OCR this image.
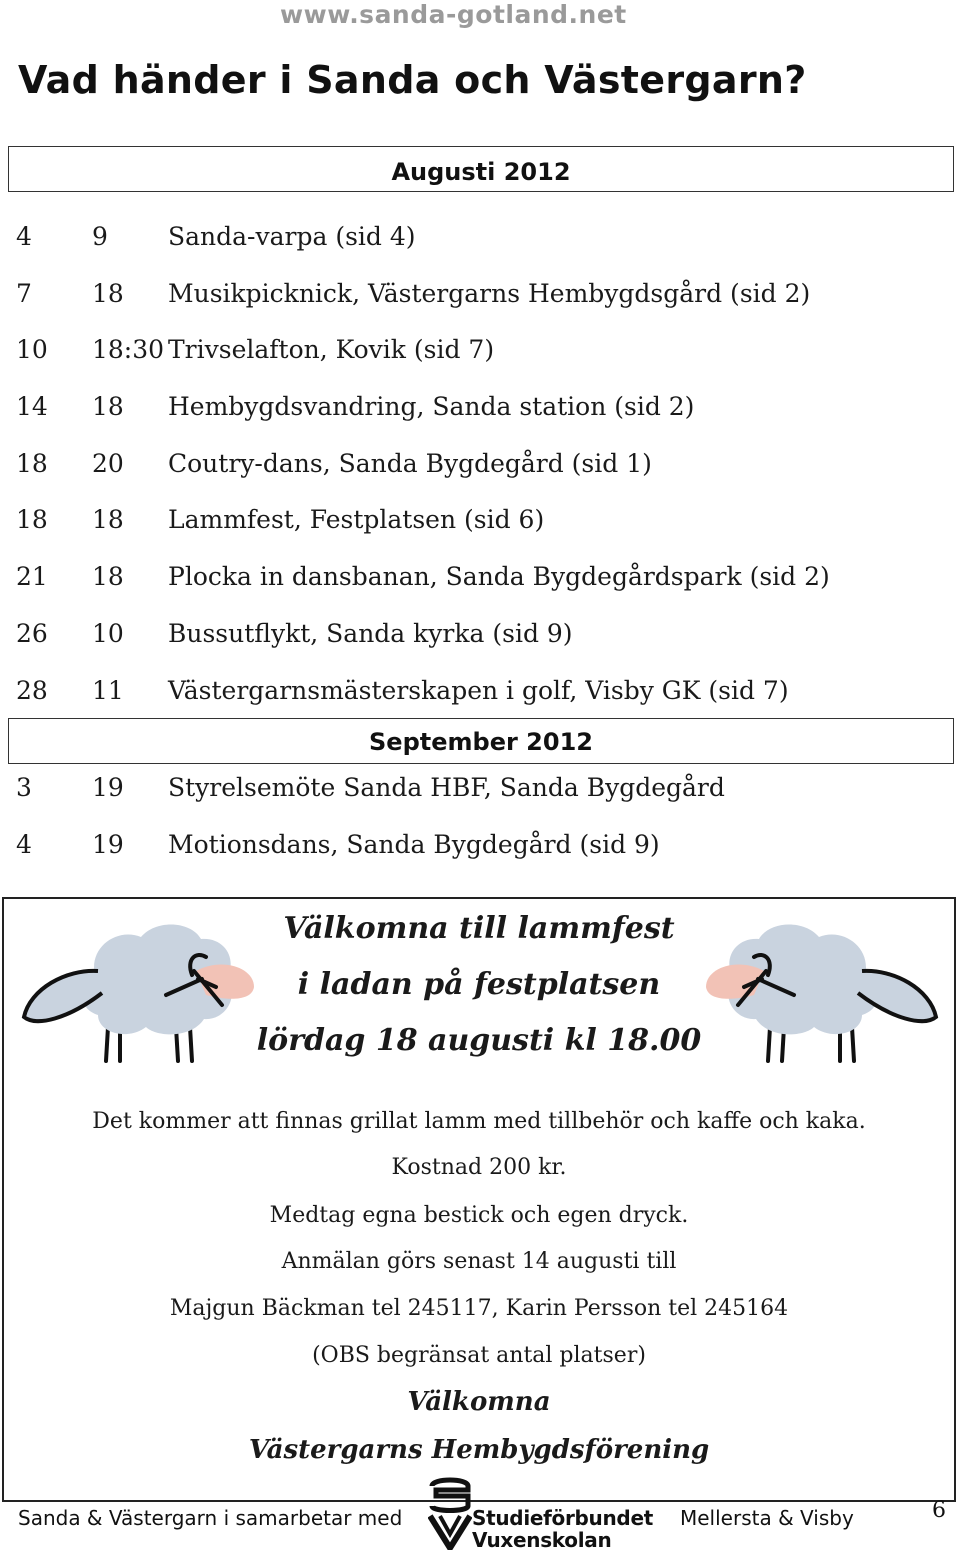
www.sanda-gotland.net
Vad händer i Sanda och Västergarn?
Augusti 2012
4 9 Sanda-varpa (sid 4)
7 18 Musikpicknick, Västergarns Hembygdsgård (sid 2)
10 18:30 Trivselafton, Kovik (sid 7)
14 18 Hembygdsvandring, Sanda station (sid 2)
18 20 Coutry-dans, Sanda Bygdegård (sid 1)
18 18 Lammfest, Festplatsen (sid 6)
21 18 Plocka in dansbanan, Sanda Bygdegårdspark (sid 2)
26 10 Bussutflykt, Sanda kyrka (sid 9)
28 11 Västergarnsmästerskapen i golf, Visby GK (sid 7)
September 2012
3 19 Styrelsemöte Sanda HBF, Sanda Bygdegård
4 19 Motionsdans, Sanda Bygdegård (sid 9)
Välkomna till lammfest
i ladan på festplatsen
lördag 18 augusti kl 18.00
Det kommer att finnas grillat lamm med tillbehör och kaffe och kaka.
Kostnad 200 kr.
Medtag egna bestick och egen dryck.
Anmälan görs senast 14 augusti till
Majgun Bäckman tel 245117, Karin Persson tel 245164
(OBS begränsat antal platser)
Välkomna
Västergarns Hembygdsförening
Sanda & Västergarn i samarbetar med	Studieförbundet
Vuxenskolan
Mellersta & Visby	6
